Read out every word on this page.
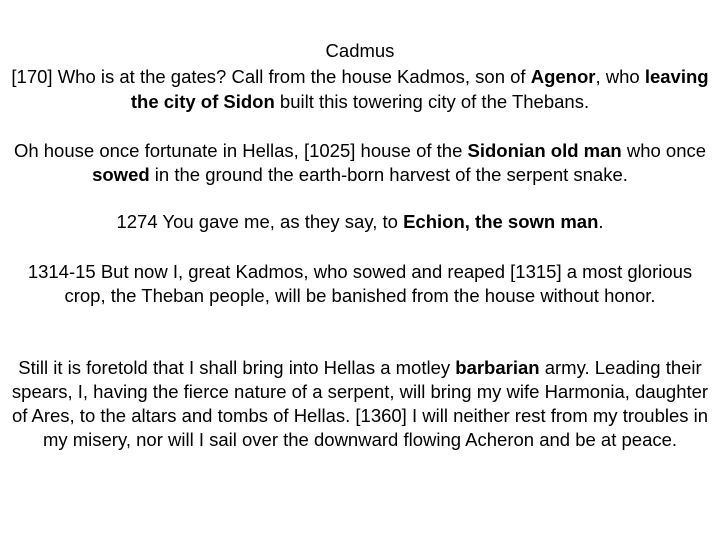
Cadmus
[170] Who is at the gates? Call from the house Kadmos, son of Agenor, who leaving the city of Sidon built this towering city of the Thebans.
Oh house once fortunate in Hellas, [1025] house of the Sidonian old man who once sowed in the ground the earth-born harvest of the serpent snake.
1274 You gave me, as they say, to Echion, the sown man.
1314-15 But now I, great Kadmos, who sowed and reaped [1315] a most glorious crop, the Theban people, will be banished from the house without honor.
Still it is foretold that I shall bring into Hellas a motley barbarian army. Leading their spears, I, having the fierce nature of a serpent, will bring my wife Harmonia, daughter of Ares, to the altars and tombs of Hellas. [1360] I will neither rest from my troubles in my misery, nor will I sail over the downward flowing Acheron and be at peace.
